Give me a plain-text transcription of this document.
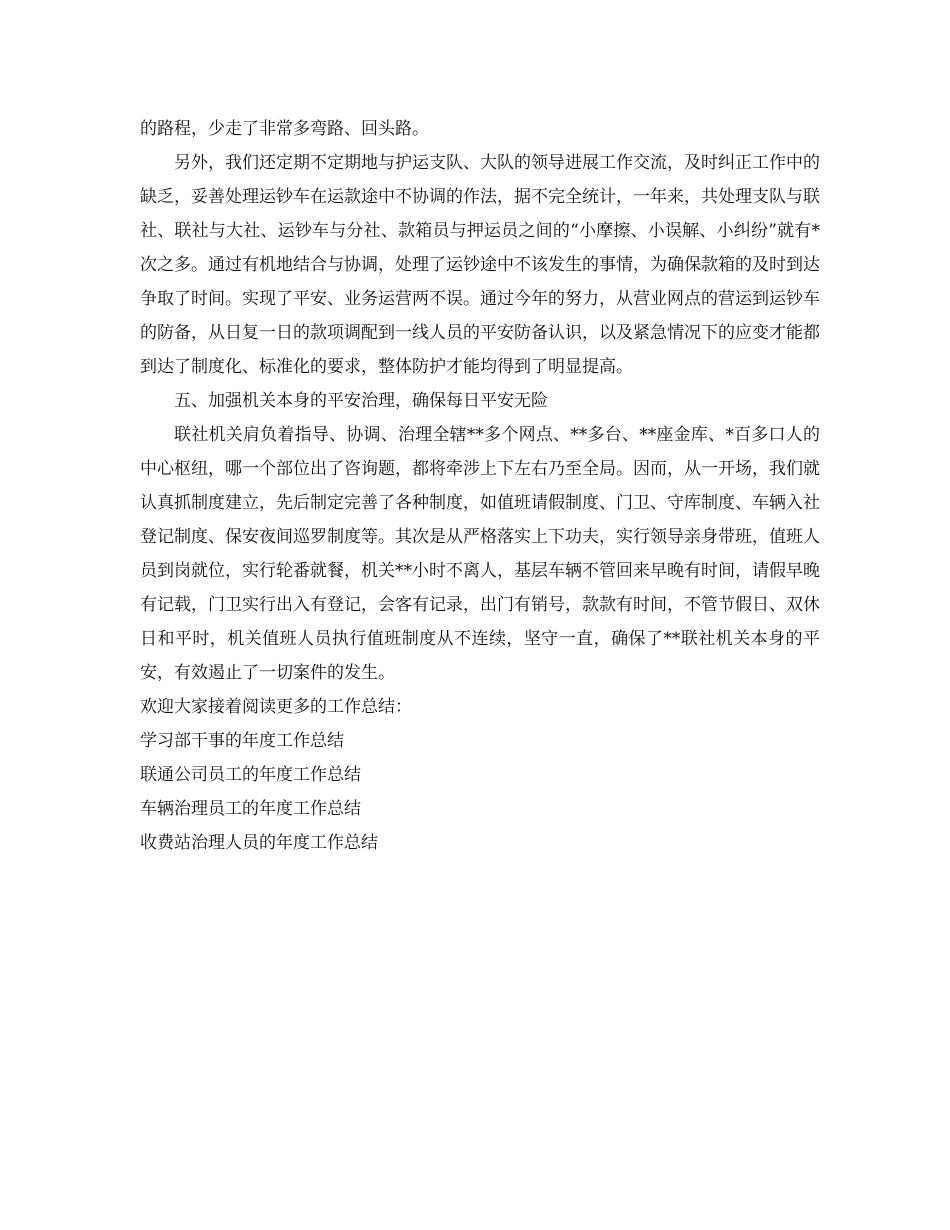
的路程，少走了非常多弯路、回头路。

另外，我们还定期不定期地与护运支队、大队的领导进展工作交流，及时纠正工作中的缺乏，妥善处理运钞车在运款途中不协调的作法，据不完全统计，一年来，共处理支队与联社、联社与大社、运钞车与分社、款箱员与押运员之间的“小摩擦、小误解、小纠纷”就有*次之多。通过有机地结合与协调，处理了运钞途中不该发生的事情，为确保款箱的及时到达争取了时间。实现了平安、业务运营两不误。通过今年的努力，从营业网点的营运到运钞车的防备，从日复一日的款项调配到一线人员的平安防备认识，以及紧急情况下的应变才能都到达了制度化、标准化的要求，整体防护才能均得到了明显提高。

五、加强机关本身的平安治理，确保每日平安无险

联社机关肩负着指导、协调、治理全辖**多个网点、**多台、**座金库、*百多口人的中心枢纽，哪一个部位出了咨询题，都将牵涉上下左右乃至全局。因而，从一开场，我们就认真抓制度建立，先后制定完善了各种制度，如值班请假制度、门卫、守库制度、车辆入社登记制度、保安夜间巡罗制度等。其次是从严格落实上下功夫，实行领导亲身带班，值班人员到岗就位，实行轮番就餐，机关**小时不离人，基层车辆不管回来早晚有时间，请假早晚有记载，门卫实行出入有登记，会客有记录，出门有销号，款款有时间，不管节假日、双休日和平时，机关值班人员执行值班制度从不连续，坚守一直，确保了**联社机关本身的平安，有效遏止了一切案件的发生。

欢迎大家接着阅读更多的工作总结：

学习部干事的年度工作总结

联通公司员工的年度工作总结

车辆治理员工的年度工作总结

收费站治理人员的年度工作总结
